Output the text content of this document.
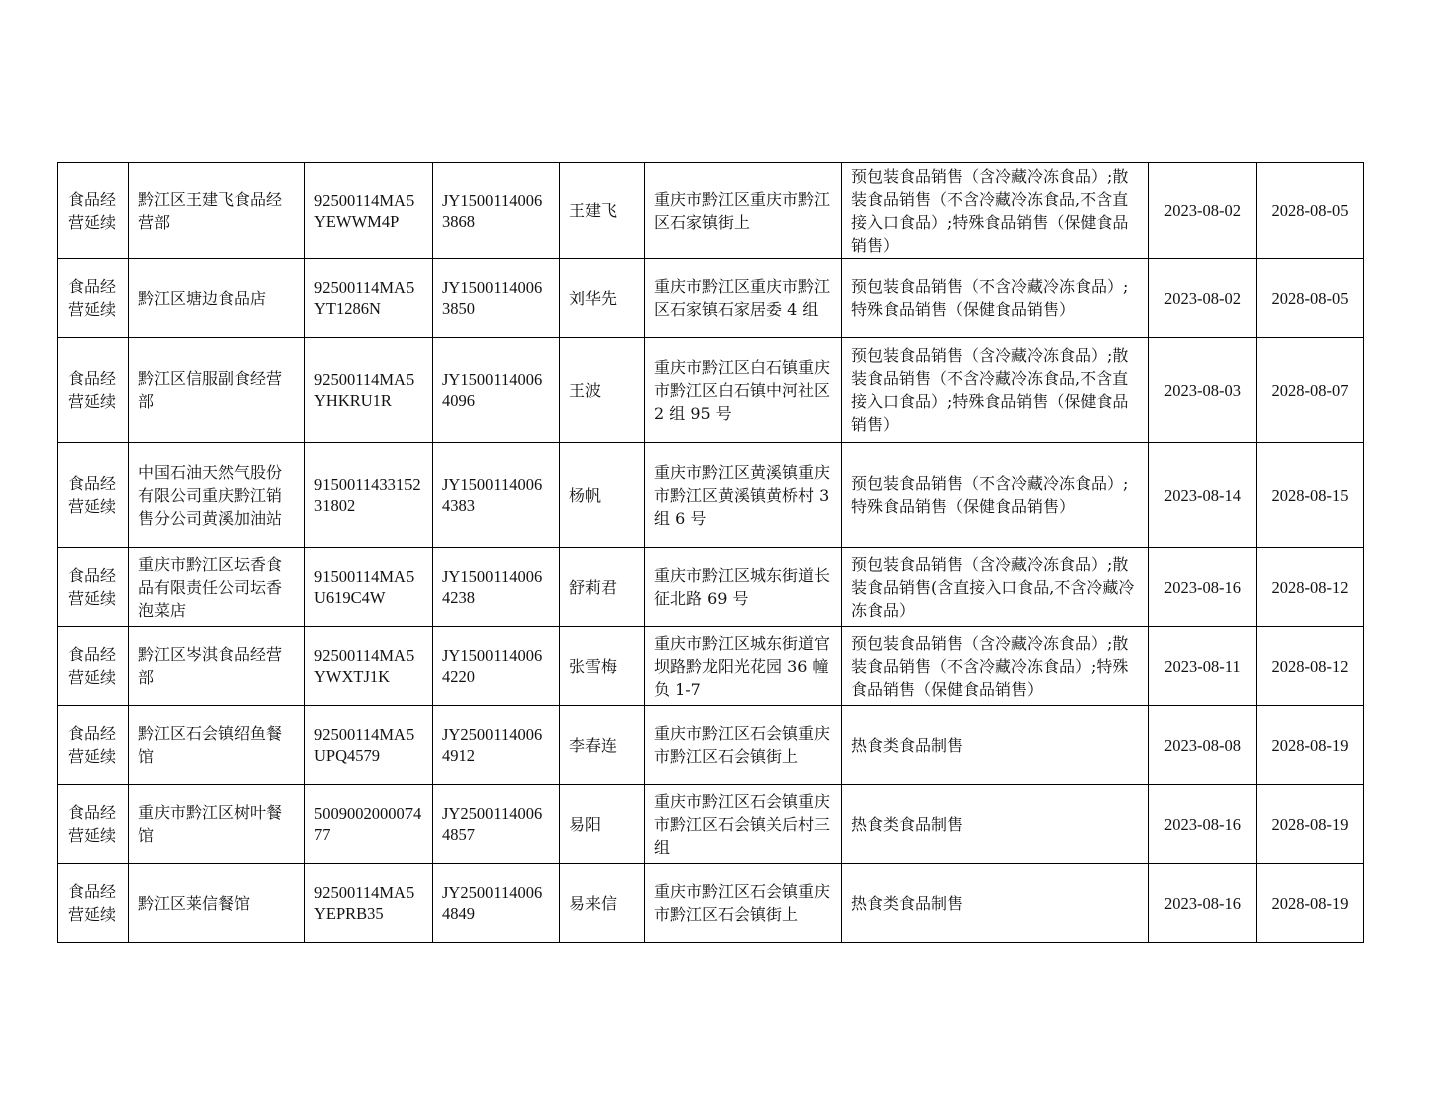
食品经营延续	黔江区王建飞食品经营部	92500114MA5YEWWM4P	JY15001140063868	王建飞	重庆市黔江区重庆市黔江区石家镇街上	预包装食品销售（含冷藏冷冻食品）;散装食品销售（不含冷藏冷冻食品,不含直接入口食品）;特殊食品销售（保健食品销售）	2023-08-02	2028-08-05
食品经营延续	黔江区塘边食品店	92500114MA5YT1286N	JY15001140063850	刘华先	重庆市黔江区重庆市黔江区石家镇石家居委 4 组	预包装食品销售（不含冷藏冷冻食品）;特殊食品销售（保健食品销售）	2023-08-02	2028-08-05
食品经营延续	黔江区信服副食经营部	92500114MA5YHKRU1R	JY15001140064096	王波	重庆市黔江区白石镇重庆市黔江区白石镇中河社区 2 组 95 号	预包装食品销售（含冷藏冷冻食品）;散装食品销售（不含冷藏冷冻食品,不含直接入口食品）;特殊食品销售（保健食品销售）	2023-08-03	2028-08-07
食品经营延续	中国石油天然气股份有限公司重庆黔江销售分公司黄溪加油站	915001143315231802	JY15001140064383	杨帆	重庆市黔江区黄溪镇重庆市黔江区黄溪镇黄桥村 3 组 6 号	预包装食品销售（不含冷藏冷冻食品）;特殊食品销售（保健食品销售）	2023-08-14	2028-08-15
食品经营延续	重庆市黔江区坛香食品有限责任公司坛香泡菜店	91500114MA5U619C4W	JY15001140064238	舒莉君	重庆市黔江区城东街道长征北路 69 号	预包装食品销售（含冷藏冷冻食品）;散装食品销售(含直接入口食品,不含冷藏冷冻食品）	2023-08-16	2028-08-12
食品经营延续	黔江区岑淇食品经营部	92500114MA5YWXTJ1K	JY15001140064220	张雪梅	重庆市黔江区城东街道官坝路黔龙阳光花园 36 幢负 1-7	预包装食品销售（含冷藏冷冻食品）;散装食品销售（不含冷藏冷冻食品）;特殊食品销售（保健食品销售）	2023-08-11	2028-08-12
食品经营延续	黔江区石会镇绍鱼餐馆	92500114MA5UPQ4579	JY25001140064912	李春连	重庆市黔江区石会镇重庆市黔江区石会镇街上	热食类食品制售	2023-08-08	2028-08-19
食品经营延续	重庆市黔江区树叶餐馆	500900200007477	JY25001140064857	易阳	重庆市黔江区石会镇重庆市黔江区石会镇关后村三组	热食类食品制售	2023-08-16	2028-08-19
食品经营延续	黔江区莱信餐馆	92500114MA5YEPRB35	JY25001140064849	易来信	重庆市黔江区石会镇重庆市黔江区石会镇街上	热食类食品制售	2023-08-16	2028-08-19
